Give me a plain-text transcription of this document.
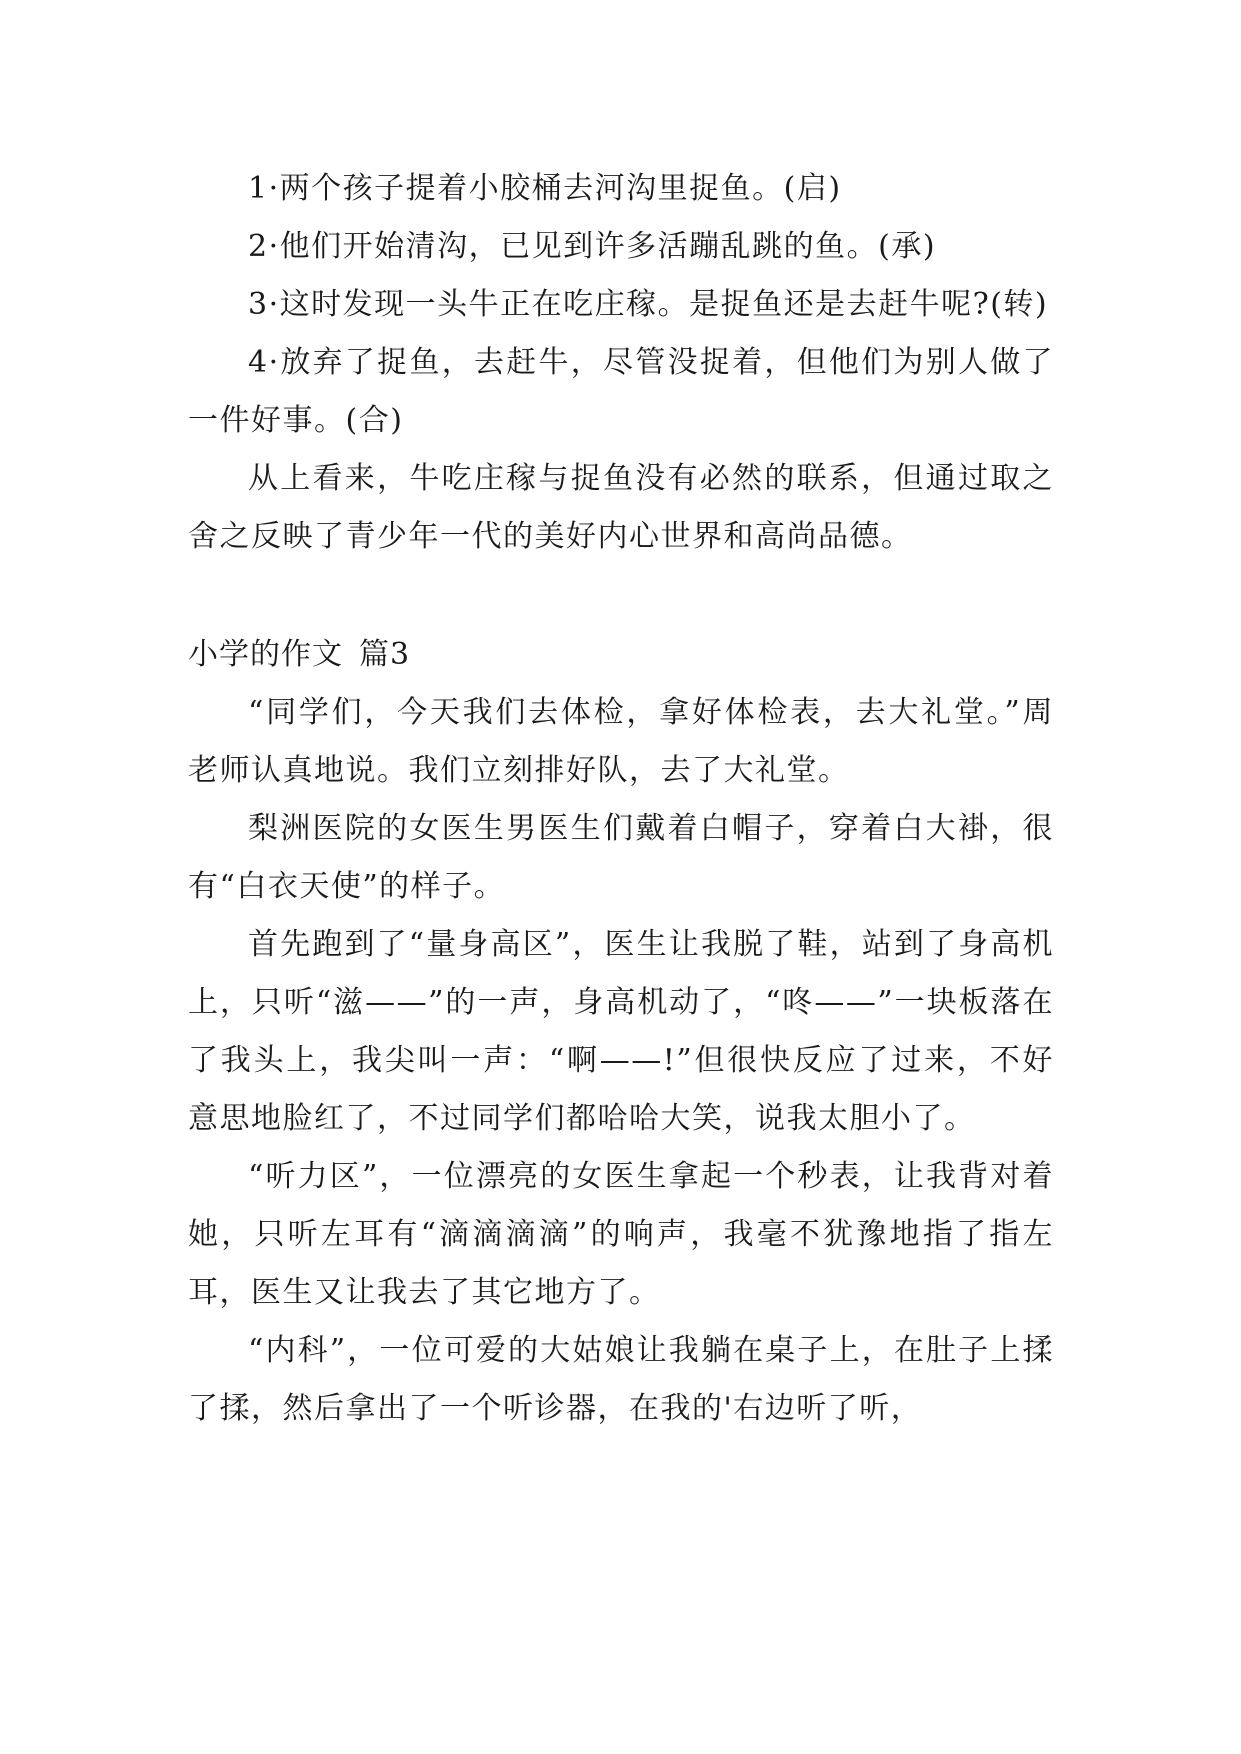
1·两个孩子提着小胶桶去河沟里捉鱼。(启)

2·他们开始清沟，已见到许多活蹦乱跳的鱼。(承)

3·这时发现一头牛正在吃庄稼。是捉鱼还是去赶牛呢?(转)

4·放弃了捉鱼，去赶牛，尽管没捉着，但他们为别人做了一件好事。(合)

从上看来，牛吃庄稼与捉鱼没有必然的联系，但通过取之舍之反映了青少年一代的美好内心世界和高尚品德。

小学的作文 篇3

“同学们，今天我们去体检，拿好体检表，去大礼堂。”周老师认真地说。我们立刻排好队，去了大礼堂。

梨洲医院的女医生男医生们戴着白帽子，穿着白大褂，很有“白衣天使”的样子。

首先跑到了“量身高区”，医生让我脱了鞋，站到了身高机上，只听“滋——”的一声，身高机动了，“咚——”一块板落在了我头上，我尖叫一声：“啊——!”但很快反应了过来，不好意思地脸红了，不过同学们都哈哈大笑，说我太胆小了。

“听力区”，一位漂亮的女医生拿起一个秒表，让我背对着她，只听左耳有“滴滴滴滴”的响声，我毫不犹豫地指了指左耳，医生又让我去了其它地方了。

“内科”，一位可爱的大姑娘让我躺在桌子上，在肚子上揉了揉，然后拿出了一个听诊器，在我的'右边听了听，
